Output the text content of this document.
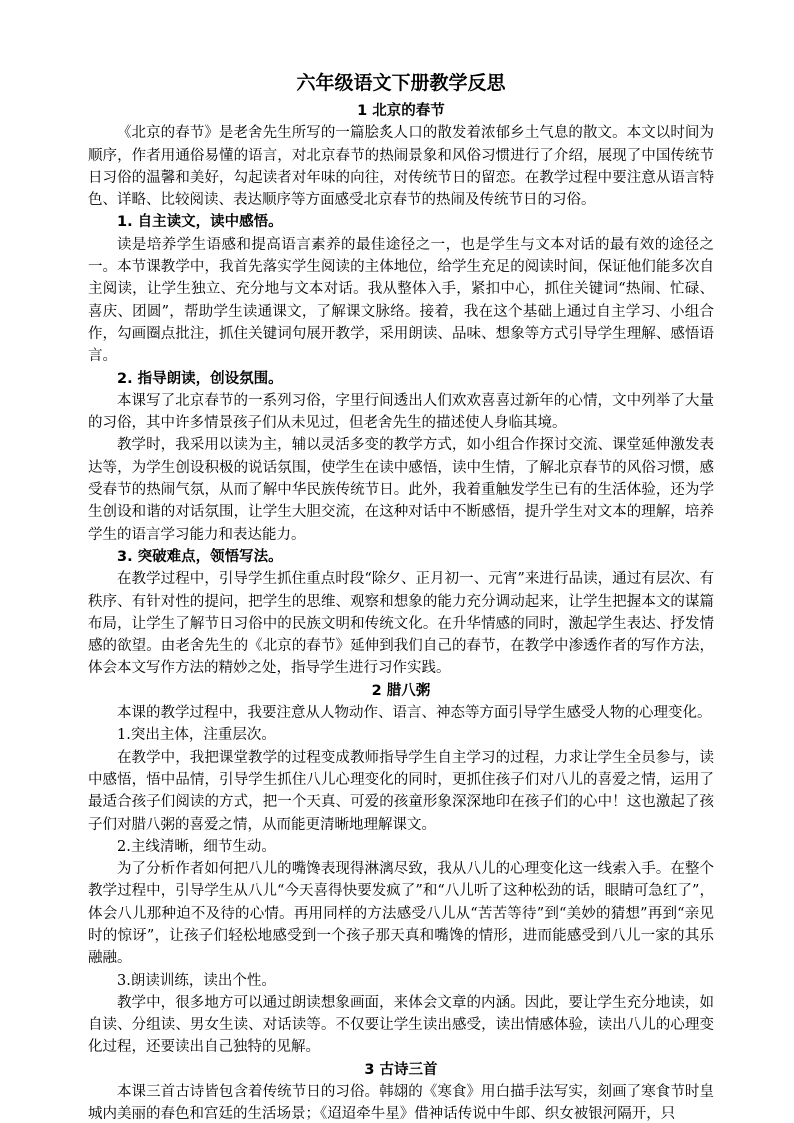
六年级语文下册教学反思
1 北京的春节

《北京的春节》是老舍先生所写的一篇脍炙人口的散发着浓郁乡土气息的散文。本文以时间为顺序，作者用通俗易懂的语言，对北京春节的热闹景象和风俗习惯进行了介绍，展现了中国传统节日习俗的温馨和美好，勾起读者对年味的向往，对传统节日的留恋。在教学过程中要注意从语言特色、详略、比较阅读、表达顺序等方面感受北京春节的热闹及传统节日的习俗。

1. 自主读文，读中感悟。

读是培养学生语感和提高语言素养的最佳途径之一，也是学生与文本对话的最有效的途径之一。本节课教学中，我首先落实学生阅读的主体地位，给学生充足的阅读时间，保证他们能多次自主阅读，让学生独立、充分地与文本对话。我从整体入手，紧扣中心，抓住关键词“热闹、忙碌、喜庆、团圆”，帮助学生读通课文，了解课文脉络。接着，我在这个基础上通过自主学习、小组合作，勾画圈点批注，抓住关键词句展开教学，采用朗读、品味、想象等方式引导学生理解、感悟语言。

2. 指导朗读，创设氛围。

本课写了北京春节的一系列习俗，字里行间透出人们欢欢喜喜过新年的心情，文中列举了大量的习俗，其中许多情景孩子们从未见过，但老舍先生的描述使人身临其境。

教学时，我采用以读为主，辅以灵活多变的教学方式，如小组合作探讨交流、课堂延伸激发表达等，为学生创设积极的说话氛围，使学生在读中感悟，读中生情，了解北京春节的风俗习惯，感受春节的热闹气氛，从而了解中华民族传统节日。此外，我着重触发学生已有的生活体验，还为学生创设和谐的对话氛围，让学生大胆交流，在这种对话中不断感悟，提升学生对文本的理解，培养学生的语言学习能力和表达能力。

3. 突破难点，领悟写法。

在教学过程中，引导学生抓住重点时段“除夕、正月初一、元宵”来进行品读，通过有层次、有秩序、有针对性的提问，把学生的思维、观察和想象的能力充分调动起来，让学生把握本文的谋篇布局，让学生了解节日习俗中的民族文明和传统文化。在升华情感的同时，激起学生表达、抒发情感的欲望。由老舍先生的《北京的春节》延伸到我们自己的春节，在教学中渗透作者的写作方法，体会本文写作方法的精妙之处，指导学生进行习作实践。

2 腊八粥

本课的教学过程中，我要注意从人物动作、语言、神态等方面引导学生感受人物的心理变化。

1.突出主体，注重层次。

在教学中，我把课堂教学的过程变成教师指导学生自主学习的过程，力求让学生全员参与，读中感悟，悟中品情，引导学生抓住八儿心理变化的同时，更抓住孩子们对八儿的喜爱之情，运用了最适合孩子们阅读的方式，把一个天真、可爱的孩童形象深深地印在孩子们的心中！这也激起了孩子们对腊八粥的喜爱之情，从而能更清晰地理解课文。

2.主线清晰，细节生动。

为了分析作者如何把八儿的嘴馋表现得淋漓尽致，我从八儿的心理变化这一线索入手。在整个教学过程中，引导学生从八儿“今天喜得快要发疯了”和“八儿听了这种松劲的话，眼睛可急红了”，体会八儿那种迫不及待的心情。再用同样的方法感受八儿从“苦苦等待”到“美妙的猜想”再到“亲见时的惊讶”，让孩子们轻松地感受到一个孩子那天真和嘴馋的情形，进而能感受到八儿一家的其乐融融。

3.朗读训练，读出个性。

教学中，很多地方可以通过朗读想象画面，来体会文章的内涵。因此，要让学生充分地读，如自读、分组读、男女生读、对话读等。不仅要让学生读出感受，读出情感体验，读出八儿的心理变化过程，还要读出自己独特的见解。

3 古诗三首

本课三首古诗皆包含着传统节日的习俗。韩翃的《寒食》用白描手法写实，刻画了寒食节时皇城内美丽的春色和宫廷的生活场景；《迢迢牵牛星》借神话传说中牛郎、织女被银河隔开，只
